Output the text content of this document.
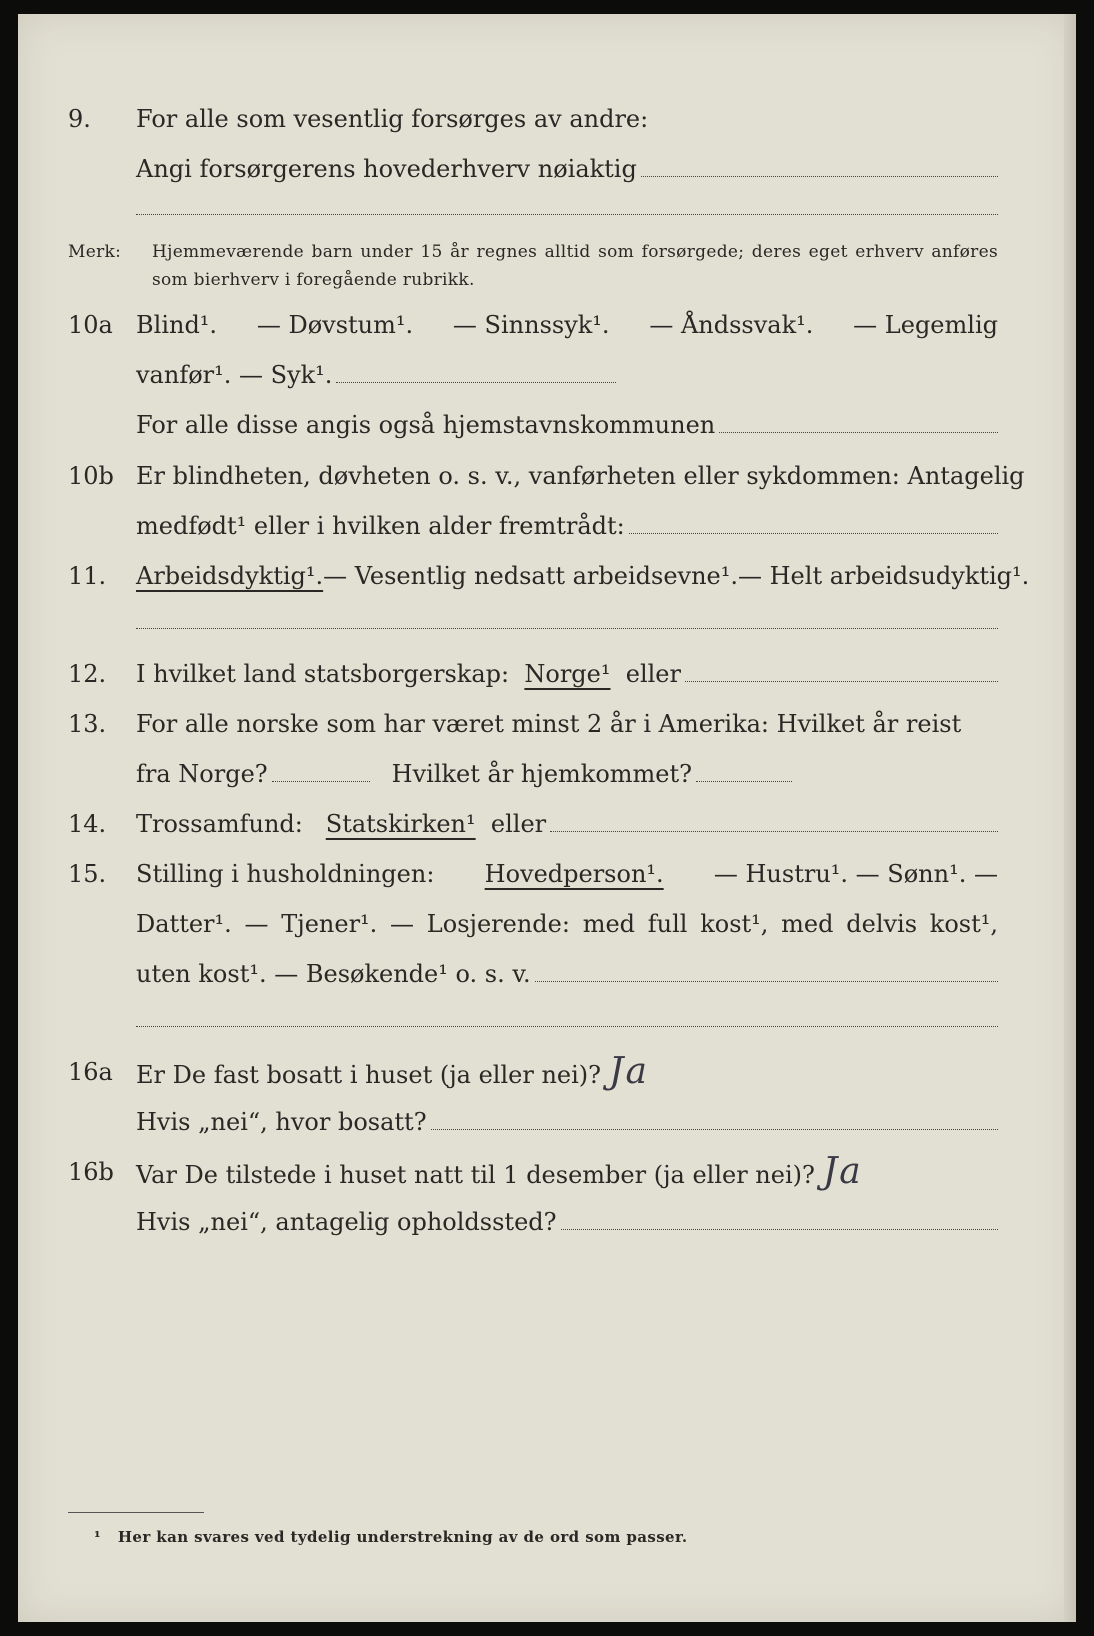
9. For alle som vesentlig forsørges av andre:
Angi forsørgerens hovederhverv nøiaktig
Merk: Hjemmeværende barn under 15 år regnes alltid som forsørgede; deres eget erhverv anføres som bierhverv i foregående rubrikk.
10a Blind¹. — Døvstum¹. — Sinnssyk¹. — Åndssvak¹. — Legemlig
vanfør¹. — Syk¹.
For alle disse angis også hjemstavnskommunen
10b Er blindheten, døvheten o. s. v., vanførheten eller sykdommen: Antagelig
medfødt¹ eller i hvilken alder fremtrådt:
11. Arbeidsdyktig¹. — Vesentlig nedsatt arbeidsevne¹. — Helt arbeidsudyktig¹.
12. I hvilket land statsborgerskap:
Norge¹
eller
13. For alle norske som har været minst 2 år i Amerika: Hvilket år reist
fra Norge?	Hvilket år hjemkommet?
14. Trossamfund:
Statskirken¹
eller
15. Stilling i husholdningen: Hovedperson¹. — Hustru¹. — Sønn¹. —
Datter¹. — Tjener¹. — Losjerende: med full kost¹, med delvis kost¹,
uten kost¹. — Besøkende¹ o. s. v.
16a Er De fast bosatt i huset (ja eller nei)? Ja
Hvis „nei“, hvor bosatt?
16b Var De tilstede i huset natt til 1 desember (ja eller nei)? Ja
Hvis „nei“, antagelig opholdssted?
¹ Her kan svares ved tydelig understrekning av de ord som passer.
